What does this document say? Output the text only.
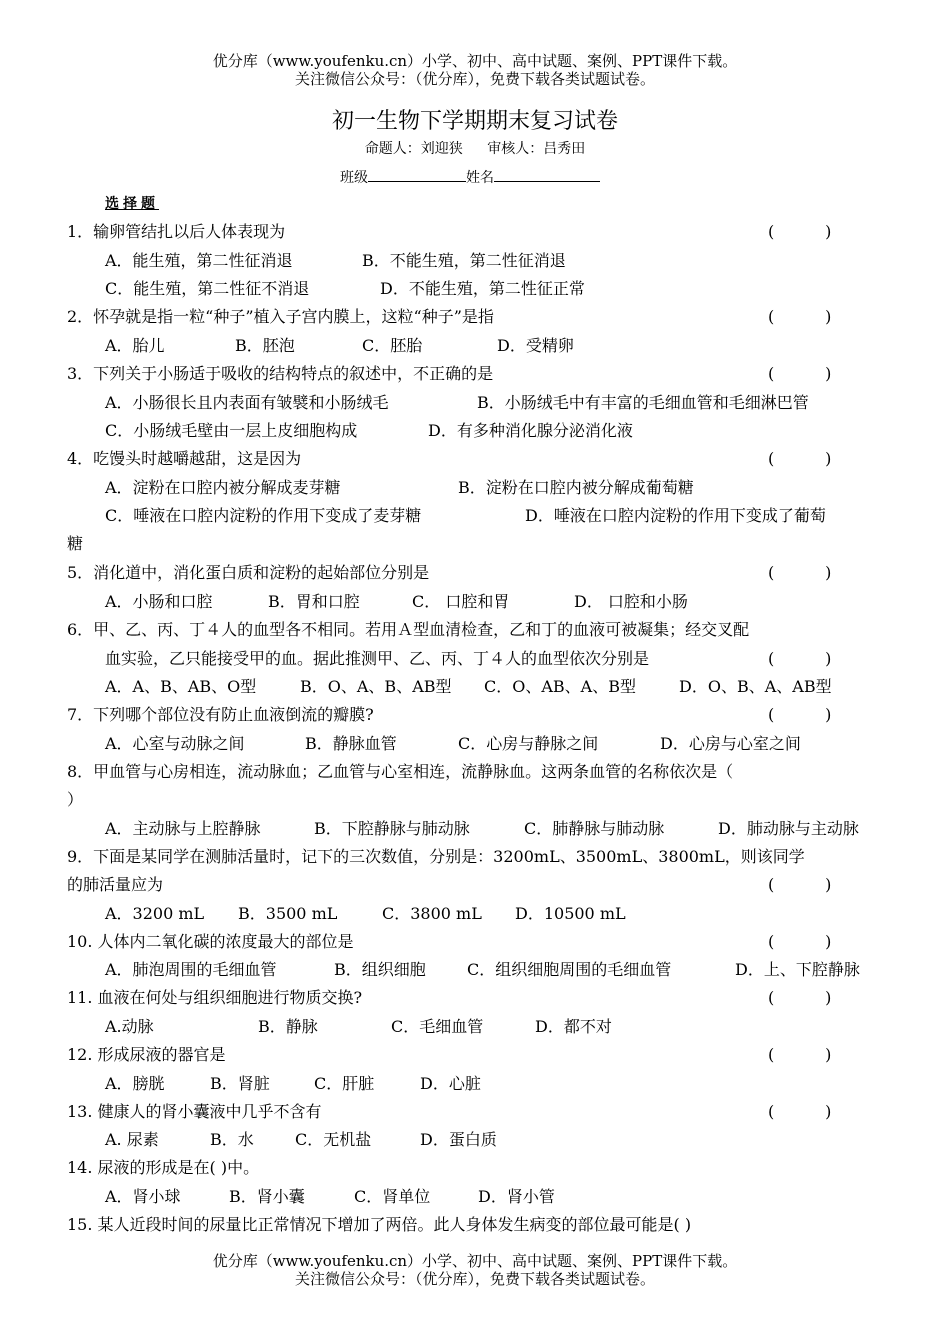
优分库（www.youfenku.cn）小学、初中、高中试题、案例、PPT课件下载。
关注微信公众号：（优分库），免费下载各类试题试卷。
初一生物下学期期末复习试卷
命题人：刘迎狭 审核人：吕秀田
班级	姓名
选择题
1．输卵管结扎以后人体表现为	(          )
A．能生殖，第二性征消退	B．不能生殖，第二性征消退
C．能生殖，第二性征不消退	D．不能生殖，第二性征正常
2．怀孕就是指一粒“种子”植入子宫内膜上，这粒“种子”是指	(          )
A．胎儿	B．胚泡	C．胚胎	D．受精卵
3．下列关于小肠适于吸收的结构特点的叙述中，不正确的是	(          )
A．小肠很长且内表面有皱襞和小肠绒毛	B．小肠绒毛中有丰富的毛细血管和毛细淋巴管
C．小肠绒毛壁由一层上皮细胞构成	D．有多种消化腺分泌消化液
4．吃馒头时越嚼越甜，这是因为	(          )
A．淀粉在口腔内被分解成麦芽糖	B．淀粉在口腔内被分解成葡萄糖
C．唾液在口腔内淀粉的作用下变成了麦芽糖	D．唾液在口腔内淀粉的作用下变成了葡萄
糖
5．消化道中，消化蛋白质和淀粉的起始部位分别是	(          )
A．小肠和口腔	B．胃和口腔	C． 口腔和胃	D． 口腔和小肠
6．甲、乙、丙、丁４人的血型各不相同。若用Ａ型血清检查，乙和丁的血液可被凝集；经交叉配
血实验，乙只能接受甲的血。据此推测甲、乙、丙、丁４人的血型依次分别是	(          )
A．A、B、AB、O型	B．O、A、B、AB型 C．O、AB、A、B型	D．O、B、A、AB型
7．下列哪个部位没有防止血液倒流的瓣膜?	(          )
A．心室与动脉之间	B．静脉血管	C．心房与静脉之间	D．心房与心室之间
8．甲血管与心房相连，流动脉血；乙血管与心室相连，流静脉血。这两条血管的名称依次是（
）
A．主动脉与上腔静脉	B．下腔静脉与肺动脉	C．肺静脉与肺动脉	D．肺动脉与主动脉
9．下面是某同学在测肺活量时，记下的三次数值，分别是：3200mL、3500mL、3800mL，则该同学
的肺活量应为	(          )
A．3200 mL B．3500 mL	C．3800 mL D．10500 mL
10. 人体内二氧化碳的浓度最大的部位是	(          )
A．肺泡周围的毛细血管	B．组织细胞	C．组织细胞周围的毛细血管	D．上、下腔静脉
11. 血液在何处与组织细胞进行物质交换?	(          )
A.动脉	B．静脉	C．毛细血管	D．都不对
12. 形成尿液的器官是	(          )
A．膀胱	B．肾脏	C．肝脏	D．心脏
13. 健康人的肾小囊液中几乎不含有	(          )
A. 尿素	B．水	C．无机盐	D．蛋白质
14. 尿液的形成是在( )中。
A．肾小球	B．肾小囊	C．肾单位	D．肾小管
15. 某人近段时间的尿量比正常情况下增加了两倍。此人身体发生病变的部位最可能是( )
优分库（www.youfenku.cn）小学、初中、高中试题、案例、PPT课件下载。
关注微信公众号：（优分库），免费下载各类试题试卷。
